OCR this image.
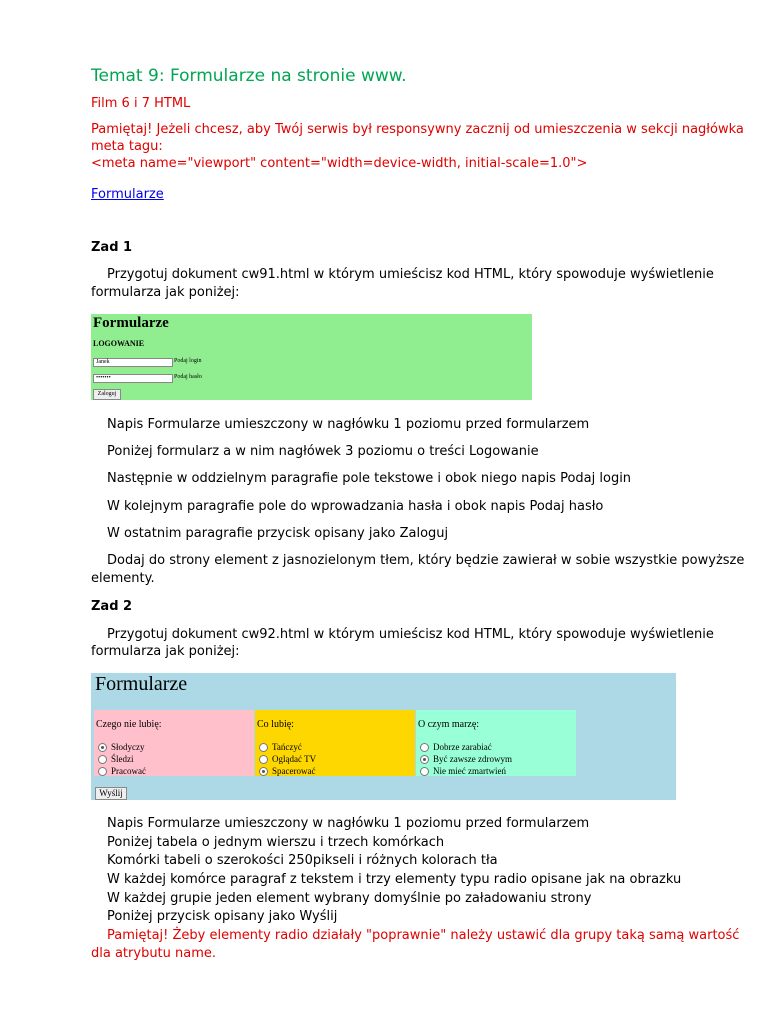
Temat 9: Formularze na stronie www.
Film 6 i 7 HTML
Pamiętaj! Jeżeli chcesz, aby Twój serwis był responsywny zacznij od umieszczenia w sekcji nagłówka
meta tagu:
<meta name="viewport" content="width=device-width, initial-scale=1.0">
Formularze
Zad 1
Przygotuj dokument cw91.html w którym umieścisz kod HTML, który spowoduje wyświetlenie
formularza jak poniżej:
Formularze
LOGOWANIE
Janek	Podaj login
•••••••	Podaj hasło
Zaloguj
Napis Formularze umieszczony w nagłówku 1 poziomu przed formularzem
Poniżej formularz a w nim nagłówek 3 poziomu o treści Logowanie
Następnie w oddzielnym paragrafie pole tekstowe i obok niego napis Podaj login
W kolejnym paragrafie pole do wprowadzania hasła i obok napis Podaj hasło
W ostatnim paragrafie przycisk opisany jako Zaloguj
Dodaj do strony element z jasnozielonym tłem, który będzie zawierał w sobie wszystkie powyższe
elementy.
Zad 2
Przygotuj dokument cw92.html w którym umieścisz kod HTML, który spowoduje wyświetlenie
formularza jak poniżej:
Formularze
Czego nie lubię:
Słodyczy
Śledzi
Pracować
Co lubię:
Tańczyć
Oglądać TV
Spacerować
O czym marzę:
Dobrze zarabiać
Być zawsze zdrowym
Nie mieć zmartwień
Wyślij
Napis Formularze umieszczony w nagłówku 1 poziomu przed formularzem
Poniżej tabela o jednym wierszu i trzech komórkach
Komórki tabeli o szerokości 250pikseli i różnych kolorach tła
W każdej komórce paragraf z tekstem i trzy elementy typu radio opisane jak na obrazku
W każdej grupie jeden element wybrany domyślnie po załadowaniu strony
Poniżej przycisk opisany jako Wyślij
Pamiętaj! Żeby elementy radio działały "poprawnie" należy ustawić dla grupy taką samą wartość
dla atrybutu name.
